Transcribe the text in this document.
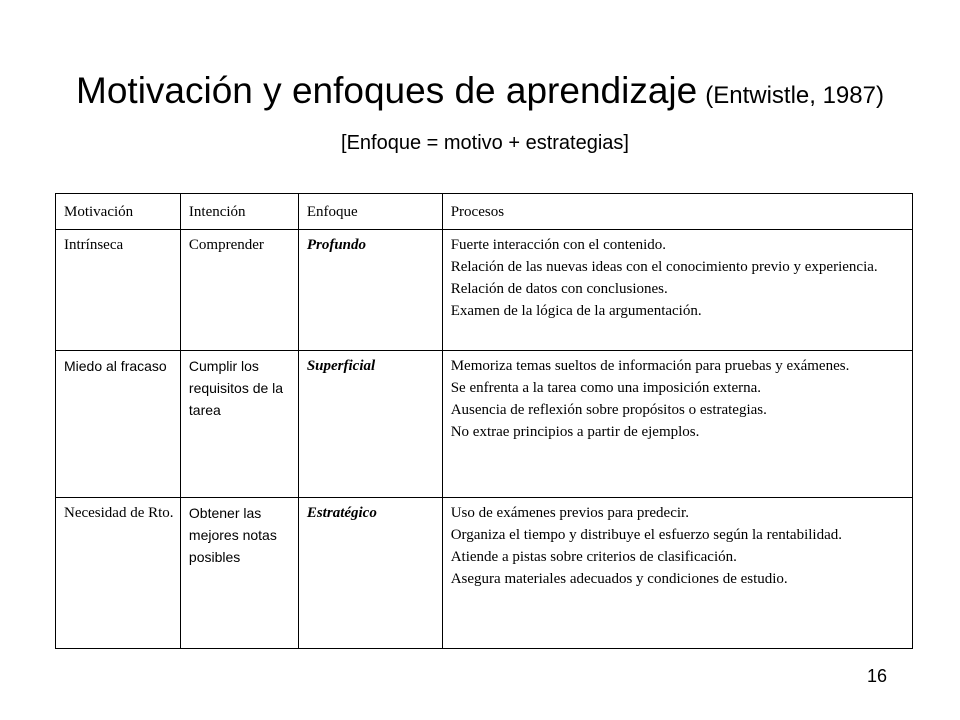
Motivación y enfoques de aprendizaje (Entwistle, 1987)
[Enfoque = motivo + estrategias]
Motivación	Intención	Enfoque	Procesos
Intrínseca	Comprender	Profundo	Fuerte interacción con el contenido.
Relación de las nuevas ideas con el conocimiento previo y experiencia.
Relación de datos con conclusiones.
Examen de la lógica de la argumentación.

Miedo al fracaso	Cumplir los requisitos de la tarea	Superficial	Memoriza temas sueltos de información para pruebas y exámenes.
Se enfrenta a la tarea como una imposición externa.
Ausencia de reflexión sobre propósitos o estrategias.
No extrae principios a partir de ejemplos.

Necesidad de Rto.	Obtener las mejores notas posibles	Estratégico	Uso de exámenes previos para predecir.
Organiza el tiempo y distribuye el esfuerzo según la rentabilidad.
Atiende a pistas sobre criterios de clasificación.
Asegura materiales adecuados y condiciones de estudio.
16
